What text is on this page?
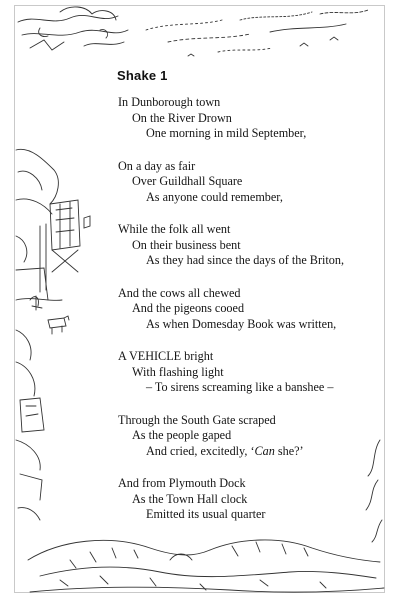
Shake 1
In Dunborough town
On the River Drown
One morning in mild September,
On a day as fair
Over Guildhall Square
As anyone could remember,
While the folk all went
On their business bent
As they had since the days of the Briton,
And the cows all chewed
And the pigeons cooed
As when Domesday Book was written,
A VEHICLE bright
With flashing light
– To sirens screaming like a banshee –
Through the South Gate scraped
As the people gaped
And cried, excitedly, ‘Can she?’
And from Plymouth Dock
As the Town Hall clock
Emitted its usual quarter
